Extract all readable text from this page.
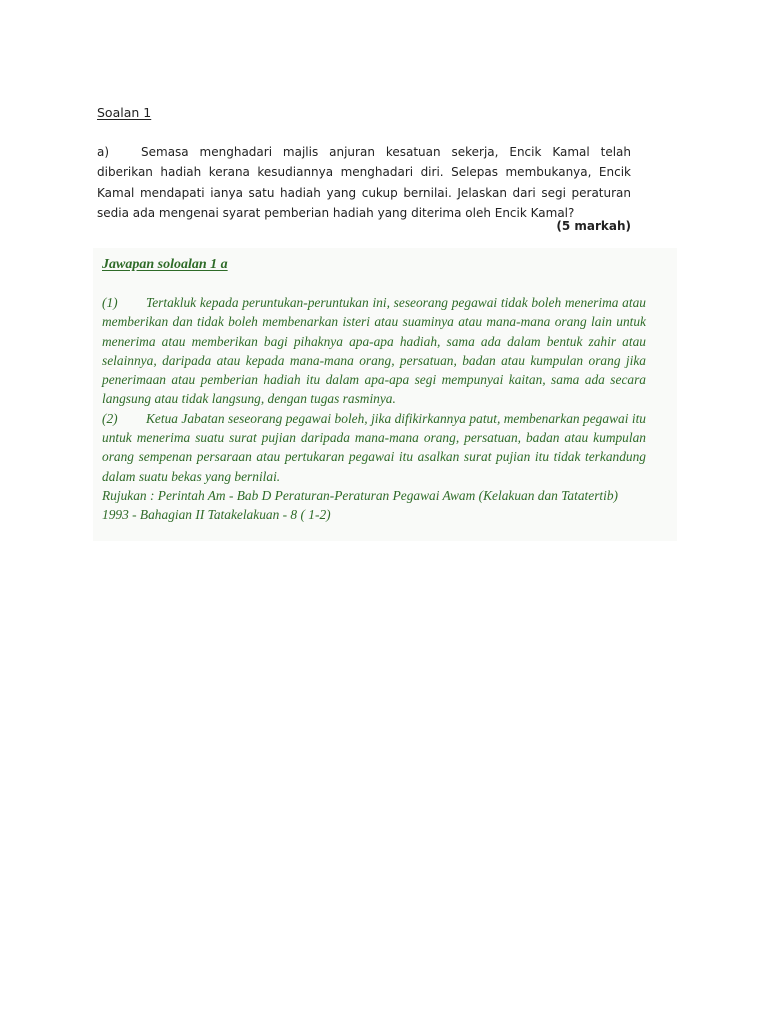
Soalan 1
a)	Semasa menghadari majlis anjuran kesatuan sekerja, Encik Kamal telah diberikan hadiah kerana kesudiannya menghadari diri. Selepas membukanya, Encik Kamal mendapati ianya satu hadiah yang cukup bernilai. Jelaskan dari segi peraturan sedia ada mengenai syarat pemberian hadiah yang diterima oleh Encik Kamal?
(5 markah)
Jawapan soloalan 1 a

(1) Tertakluk kepada peruntukan-peruntukan ini, seseorang pegawai tidak boleh menerima atau memberikan dan tidak boleh membenarkan isteri atau suaminya atau mana-mana orang lain untuk menerima atau memberikan bagi pihaknya apa-apa hadiah, sama ada dalam bentuk zahir atau selainnya, daripada atau kepada mana-mana orang, persatuan, badan atau kumpulan orang jika penerimaan atau pemberian hadiah itu dalam apa-apa segi mempunyai kaitan, sama ada secara langsung atau tidak langsung, dengan tugas rasminya.

(2) Ketua Jabatan seseorang pegawai boleh, jika difikirkannya patut, membenarkan pegawai itu untuk menerima suatu surat pujian daripada mana-mana orang, persatuan, badan atau kumpulan orang sempenan persaraan atau pertukaran pegawai itu asalkan surat pujian itu tidak terkandung dalam suatu bekas yang bernilai.

Rujukan : Perintah Am - Bab D Peraturan-Peraturan Pegawai Awam (Kelakuan dan Tatatertib) 1993 - Bahagian II Tatakelakuan - 8 ( 1-2)
